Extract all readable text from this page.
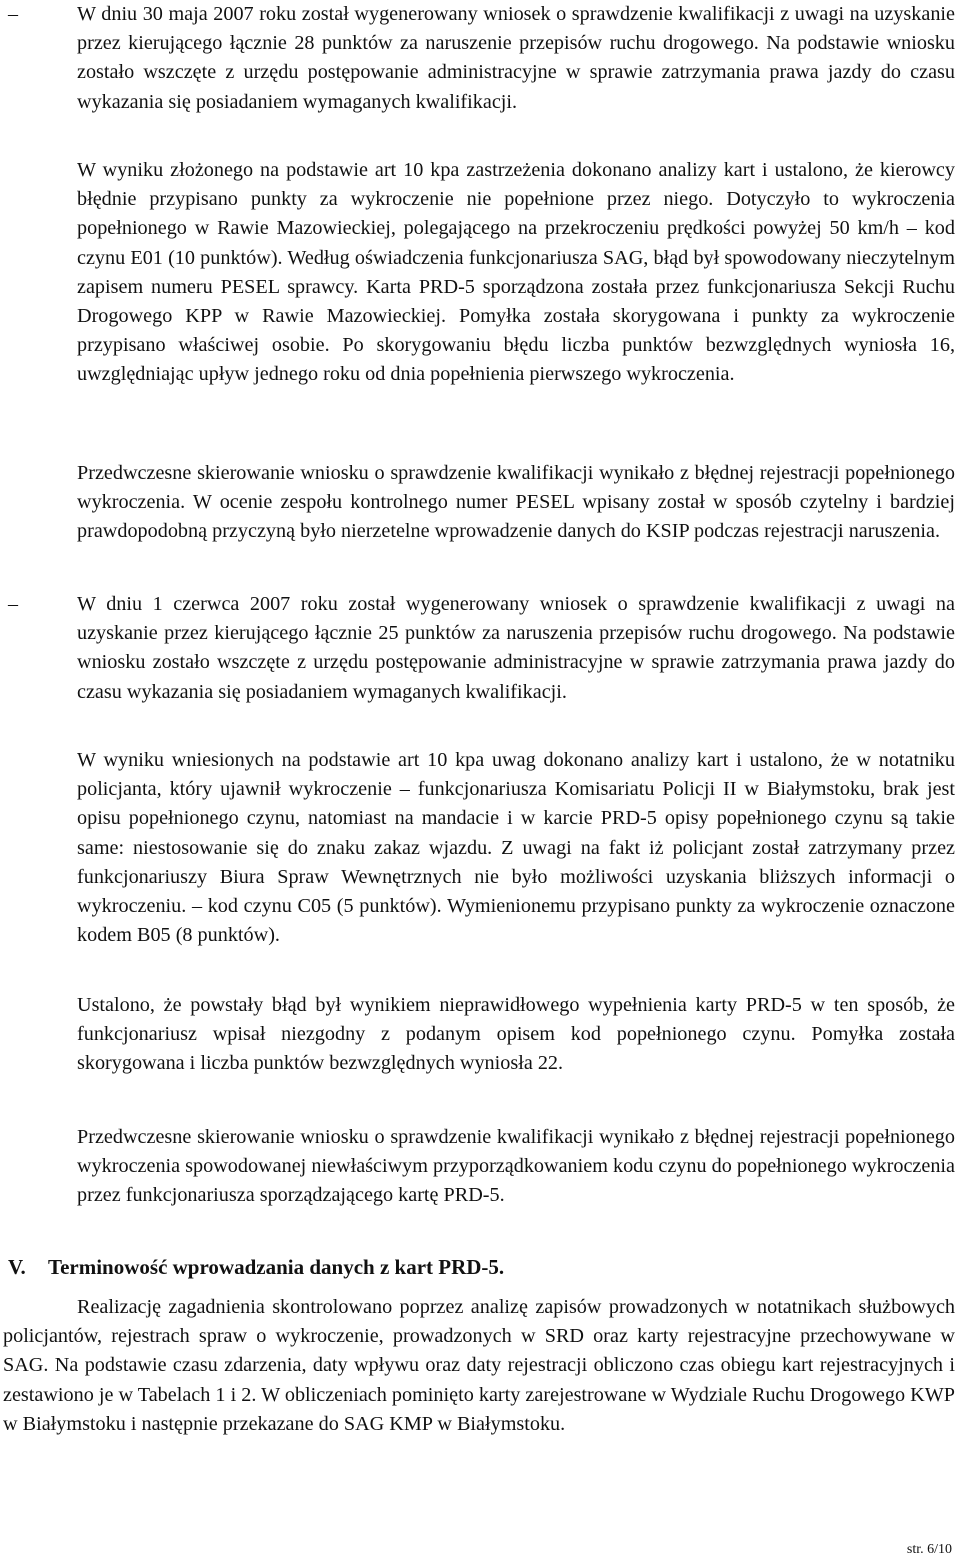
–	W dniu 30 maja 2007 roku został wygenerowany wniosek o sprawdzenie kwalifikacji z uwagi na uzyskanie przez kierującego łącznie 28 punktów za naruszenie przepisów ruchu drogowego. Na podstawie wniosku zostało wszczęte z urzędu postępowanie administracyjne w sprawie zatrzymania prawa jazdy do czasu wykazania się posiadaniem wymaganych kwalifikacji.
W wyniku złożonego na podstawie art 10 kpa zastrzeżenia dokonano analizy kart i ustalono, że kierowcy błędnie przypisano punkty za wykroczenie nie popełnione przez niego. Dotyczyło to wykroczenia popełnionego w Rawie Mazowieckiej, polegającego na przekroczeniu prędkości powyżej 50 km/h – kod czynu E01 (10 punktów). Według oświadczenia funkcjonariusza SAG, błąd był spowodowany nieczytelnym zapisem numeru PESEL sprawcy. Karta PRD-5 sporządzona została przez funkcjonariusza Sekcji Ruchu Drogowego KPP w Rawie Mazowieckiej. Pomyłka została skorygowana i punkty za wykroczenie przypisano właściwej osobie. Po skorygowaniu błędu liczba punktów bezwzględnych wyniosła 16, uwzględniając upływ jednego roku od dnia popełnienia pierwszego wykroczenia.
Przedwczesne skierowanie wniosku o sprawdzenie kwalifikacji wynikało z błędnej rejestracji popełnionego wykroczenia. W ocenie zespołu kontrolnego numer PESEL wpisany został w sposób czytelny i bardziej prawdopodobną przyczyną było nierzetelne wprowadzenie danych do KSIP podczas rejestracji naruszenia.
–	W dniu 1 czerwca 2007 roku został wygenerowany wniosek o sprawdzenie kwalifikacji z uwagi na uzyskanie przez kierującego łącznie 25 punktów za naruszenia przepisów ruchu drogowego. Na podstawie wniosku zostało wszczęte z urzędu postępowanie administracyjne w sprawie zatrzymania prawa jazdy do czasu wykazania się posiadaniem wymaganych kwalifikacji.
W wyniku wniesionych na podstawie art 10 kpa uwag dokonano analizy kart i ustalono, że w notatniku policjanta, który ujawnił wykroczenie – funkcjonariusza Komisariatu Policji II w Białymstoku, brak jest opisu popełnionego czynu, natomiast na mandacie i w karcie PRD-5 opisy popełnionego czynu są takie same: niestosowanie się do znaku zakaz wjazdu. Z uwagi na fakt iż policjant został zatrzymany przez funkcjonariuszy Biura Spraw Wewnętrznych nie było możliwości uzyskania bliższych informacji o wykroczeniu. – kod czynu C05 (5 punktów). Wymienionemu przypisano punkty za wykroczenie oznaczone kodem B05 (8 punktów).
Ustalono, że powstały błąd był wynikiem nieprawidłowego wypełnienia karty PRD-5 w ten sposób, że funkcjonariusz wpisał niezgodny z podanym opisem kod popełnionego czynu. Pomyłka została skorygowana i liczba punktów bezwzględnych wyniosła 22.
Przedwczesne skierowanie wniosku o sprawdzenie kwalifikacji wynikało z błędnej rejestracji popełnionego wykroczenia spowodowanej niewłaściwym przyporządkowaniem kodu czynu do popełnionego wykroczenia przez funkcjonariusza sporządzającego kartę PRD-5.
V. Terminowość wprowadzania danych z kart PRD-5.
Realizację zagadnienia skontrolowano poprzez analizę zapisów prowadzonych w notatnikach służbowych policjantów, rejestrach spraw o wykroczenie, prowadzonych w SRD oraz karty rejestracyjne przechowywane w SAG. Na podstawie czasu zdarzenia, daty wpływu oraz daty rejestracji obliczono czas obiegu kart rejestracyjnych i zestawiono je w Tabelach 1 i 2. W obliczeniach pominięto karty zarejestrowane w Wydziale Ruchu Drogowego KWP w Białymstoku i następnie przekazane do SAG KMP w Białymstoku.
str. 6/10
